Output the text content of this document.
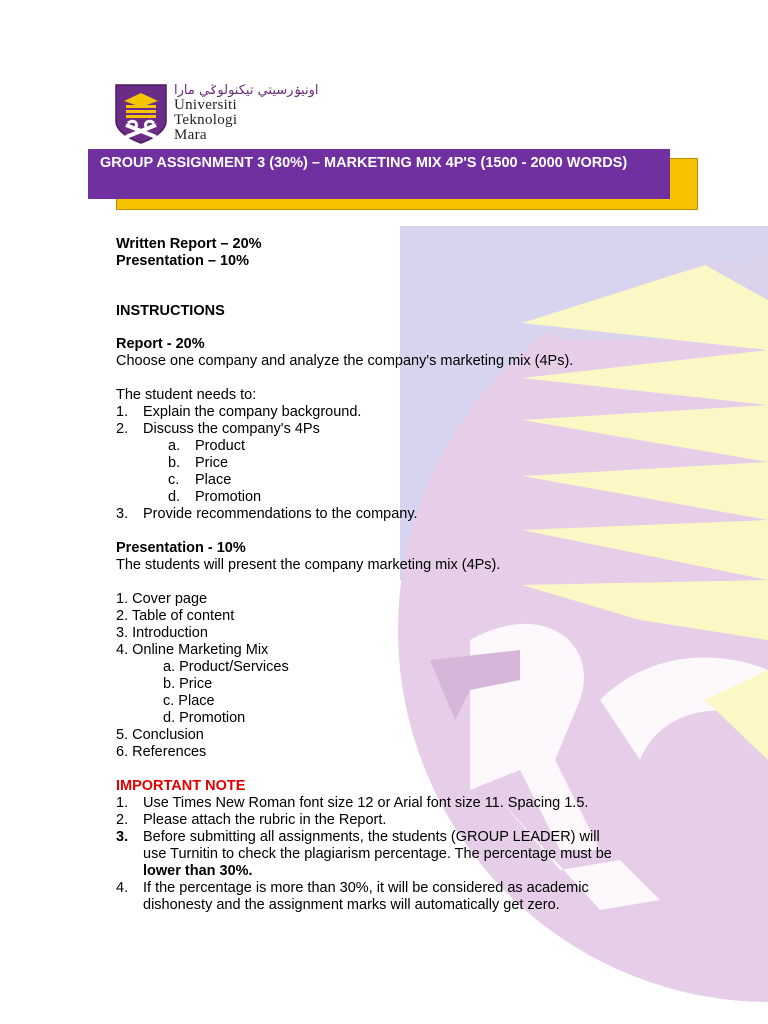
اونيۏرسيتي تيكنولوݢي مارا
Universiti
Teknologi
Mara
GROUP ASSIGNMENT 3 (30%) – MARKETING MIX 4P'S (1500 - 2000 WORDS)
Written Report – 20%
Presentation – 10%
INSTRUCTIONS
Report - 20%
Choose one company and analyze the company's marketing mix (4Ps).
The student needs to:
1.	Explain the company background.
2.	Discuss the company's 4Ps
a.	Product
b.	Price
c.	Place
d.	Promotion
3.	Provide recommendations to the company.
Presentation - 10%
The students will present the company marketing mix (4Ps).
1. Cover page
2. Table of content
3. Introduction
4. Online Marketing Mix
a. Product/Services
b. Price
c. Place
d. Promotion
5. Conclusion
6. References
IMPORTANT NOTE
1.	Use Times New Roman font size 12 or Arial font size 11. Spacing 1.5.
2.	Please attach the rubric in the Report.
3.	Before submitting all assignments, the students (GROUP LEADER) will
use Turnitin to check the plagiarism percentage. The percentage must be
lower than 30%.
4.	If the percentage is more than 30%, it will be considered as academic
dishonesty and the assignment marks will automatically get zero.
